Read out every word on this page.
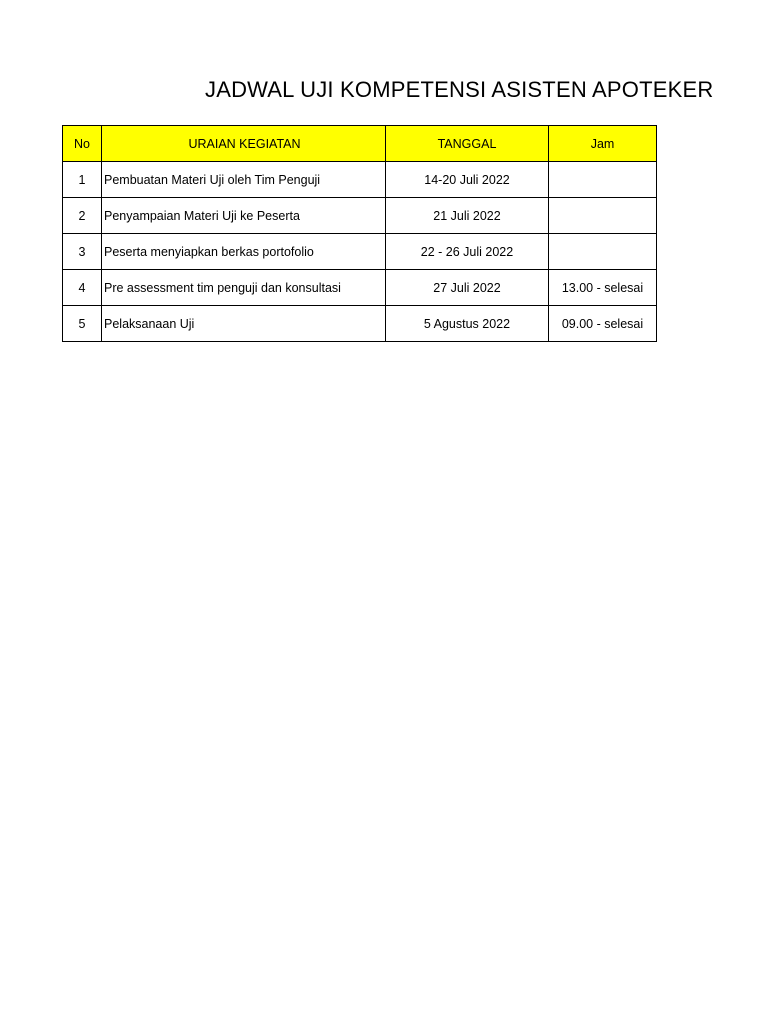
JADWAL UJI KOMPETENSI ASISTEN APOTEKER
No	URAIAN KEGIATAN	TANGGAL	Jam
1	Pembuatan Materi Uji oleh Tim Penguji	14-20 Juli 2022	
2	Penyampaian Materi Uji ke Peserta	21 Juli 2022	
3	Peserta menyiapkan berkas portofolio	22 - 26 Juli 2022	
4	Pre assessment tim penguji dan konsultasi	27 Juli 2022	13.00 - selesai
5	Pelaksanaan Uji	5 Agustus 2022	09.00 - selesai
